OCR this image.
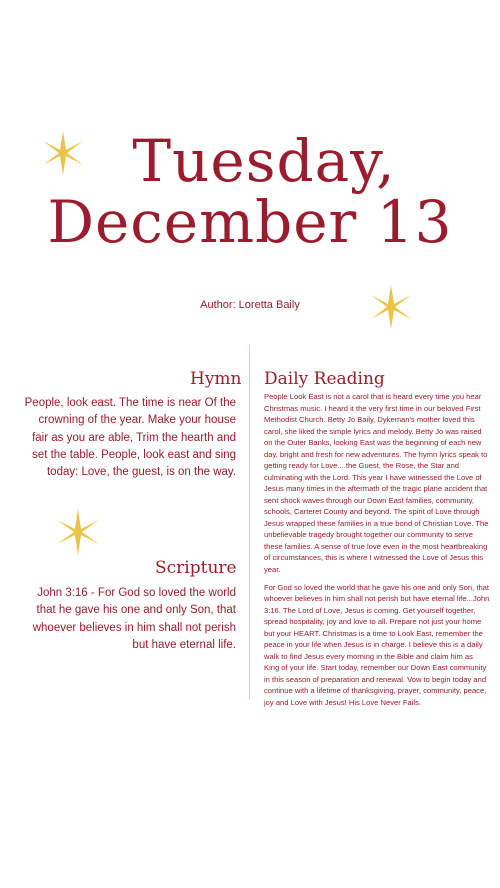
Tuesday,
December 13
Author: Loretta Baily
Hymn

People, look east. The time is near Of the crowning of the year. Make your house fair as you are able, Trim the hearth and set the table. People, look east and sing today: Love, the guest, is on the way.

Scripture

John 3:16 - For God so loved the world that he gave his one and only Son, that whoever believes in him shall not perish but have eternal life.

Daily Reading

People Look East is not a carol that is heard every time you hear Christmas music. I heard it the very first time in our beloved First Methodist Church. Betty Jo Baily, Dykeman's mother loved this carol, she liked the simple lyrics and melody. Betty Jo was raised on the Outer Banks, looking East was the beginning of each new day, bright and fresh for new adventures. The hymn lyrics speak to getting ready for Love....the Guest, the Rose, the Star and culminating with the Lord. This year I have witnessed the Love of Jesus many times in the aftermath of the tragic plane accident that sent shock waves through our Down East families, community, schools, Carteret County and beyond. The spirit of Love through Jesus wrapped these families in a true bond of Christian Love. The unbelievable tragedy brought together our community to serve these families. A sense of true love even in the most heartbreaking of circumstances, this is where I witnessed the Love of Jesus this year.

For God so loved the world that he gave his one and only Son, that whoever believes in him shall not perish but have eternal life...John 3:16. The Lord of Love, Jesus is coming. Get yourself together, spread hospitality, joy and love to all. Prepare not just your home but your HEART. Christmas is a time to Look East, remember the peace in your life when Jesus is in charge. I believe this is a daily walk to find Jesus every morning in the Bible and claim him as King of your life. Start today, remember our Down East community in this season of preparation and renewal. Vow to begin today and continue with a lifetime of thanksgiving, prayer, community, peace, joy and Love with Jesus! His Love Never Fails.
